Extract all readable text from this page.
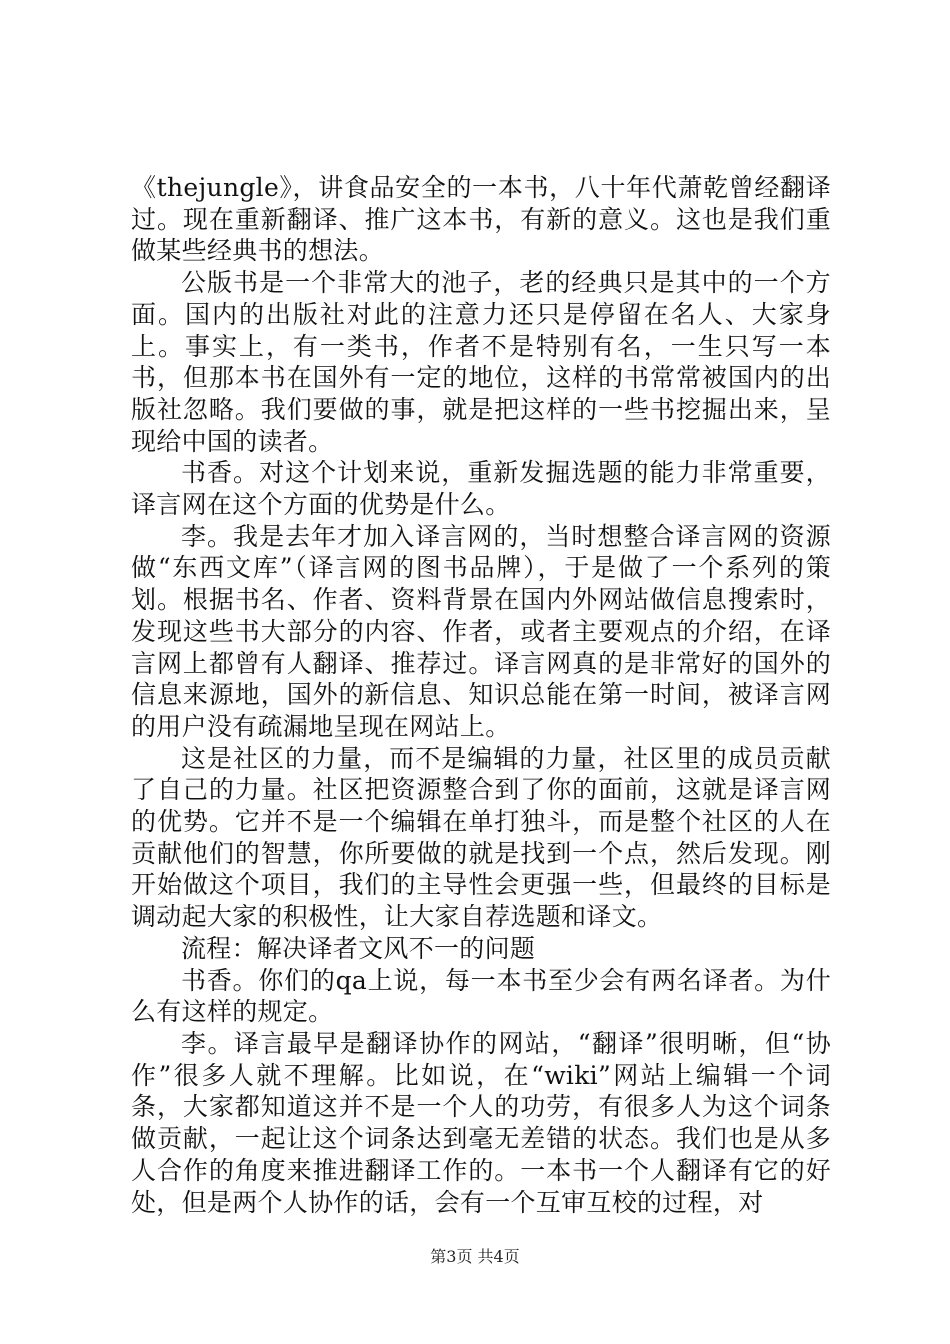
《thejungle》，讲食品安全的一本书，八十年代萧乾曾经翻译过。现在重新翻译、推广这本书，有新的意义。这也是我们重做某些经典书的想法。

公版书是一个非常大的池子，老的经典只是其中的一个方面。国内的出版社对此的注意力还只是停留在名人、大家身上。事实上，有一类书，作者不是特别有名，一生只写一本书，但那本书在国外有一定的地位，这样的书常常被国内的出版社忽略。我们要做的事，就是把这样的一些书挖掘出来，呈现给中国的读者。

书香。对这个计划来说，重新发掘选题的能力非常重要，译言网在这个方面的优势是什么。

李。我是去年才加入译言网的，当时想整合译言网的资源做“东西文库”（译言网的图书品牌），于是做了一个系列的策划。根据书名、作者、资料背景在国内外网站做信息搜索时，发现这些书大部分的内容、作者，或者主要观点的介绍，在译言网上都曾有人翻译、推荐过。译言网真的是非常好的国外的信息来源地，国外的新信息、知识总能在第一时间，被译言网的用户没有疏漏地呈现在网站上。

这是社区的力量，而不是编辑的力量，社区里的成员贡献了自己的力量。社区把资源整合到了你的面前，这就是译言网的优势。它并不是一个编辑在单打独斗，而是整个社区的人在贡献他们的智慧，你所要做的就是找到一个点，然后发现。刚开始做这个项目，我们的主导性会更强一些，但最终的目标是调动起大家的积极性，让大家自荐选题和译文。

流程：解决译者文风不一的问题

书香。你们的qa上说，每一本书至少会有两名译者。为什么有这样的规定。

李。译言最早是翻译协作的网站，“翻译”很明晰，但“协作”很多人就不理解。比如说，在“wiki”网站上编辑一个词条，大家都知道这并不是一个人的功劳，有很多人为这个词条做贡献，一起让这个词条达到毫无差错的状态。我们也是从多人合作的角度来推进翻译工作的。一本书一个人翻译有它的好处，但是两个人协作的话，会有一个互审互校的过程，对

第3页 共4页
